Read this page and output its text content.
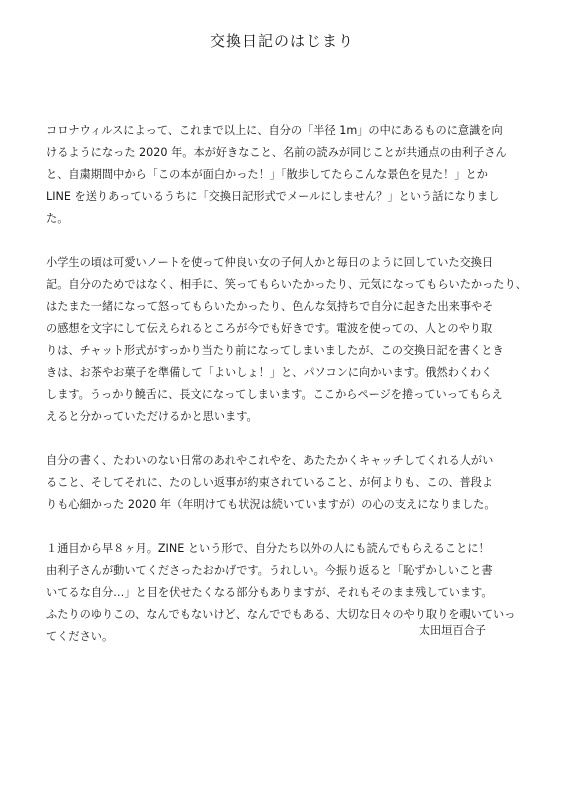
交換日記のはじまり

コロナウィルスによって、これまで以上に、自分の「半径 1m」の中にあるものに意識を向
けるようになった 2020 年。本が好きなこと、名前の読みが同じことが共通点の由利子さん
と、自粛期間中から「この本が面白かった！」「散歩してたらこんな景色を見た！」とか
LINE を送りあっているうちに「交換日記形式でメールにしません？」という話になりまし
た。

小学生の頃は可愛いノートを使って仲良い女の子何人かと毎日のように回していた交換日
記。自分のためではなく、相手に、笑ってもらいたかったり、元気になってもらいたかったり、
はたまた一緒になって怒ってもらいたかったり、色んな気持ちで自分に起きた出来事やそ
の感想を文字にして伝えられるところが今でも好きです。電波を使っての、人とのやり取
りは、チャット形式がすっかり当たり前になってしまいましたが、この交換日記を書くとき
きは、お茶やお菓子を準備して「よいしょ！」と、パソコンに向かいます。俄然わくわく
します。うっかり饒舌に、長文になってしまいます。ここからページを捲っていってもらえ
えると分かっていただけるかと思います。

自分の書く、たわいのない日常のあれやこれやを、あたたかくキャッチしてくれる人がい
ること、そしてそれに、たのしい返事が約束されていること、が何よりも、この、普段よ
りも心細かった 2020 年（年明けても状況は続いていますが）の心の支えになりました。

１通目から早８ヶ月。ZINE という形で、自分たち以外の人にも読んでもらえることに！
由利子さんが動いてくださったおかげです。うれしい。今振り返ると「恥ずかしいこと書
いてるな自分…」と目を伏せたくなる部分もありますが、それもそのまま残しています。
ふたりのゆりこの、なんでもないけど、なんででもある、大切な日々のやり取りを覗いていっ
てください。	太田垣百合子
